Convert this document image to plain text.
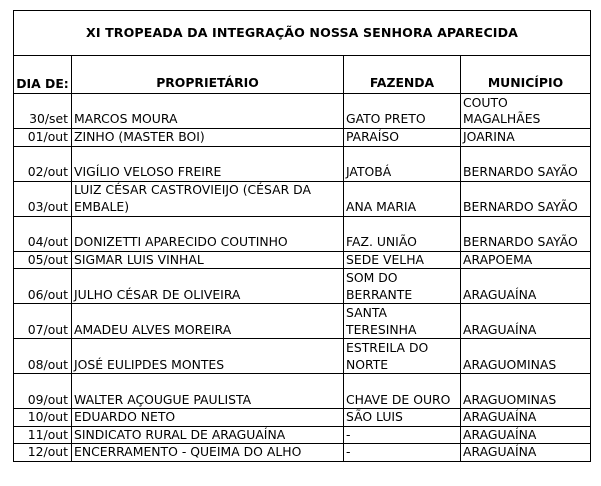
XI TROPEADA DA INTEGRAÇÃO NOSSA SENHORA APARECIDA			
DIA DE:	PROPRIETÁRIO	FAZENDA	MUNICÍPIO
30/set	MARCOS MOURA	GATO PRETO	COUTO MAGALHÃES
01/out	ZINHO (MASTER BOI)	PARAÍSO	JOARINA
02/out	VIGÍLIO VELOSO FREIRE	JATOBÁ	BERNARDO SAYÃO
03/out	LUIZ CÉSAR CASTROVIEIJO (CÉSAR DA EMBALE)	ANA MARIA	BERNARDO SAYÃO
04/out	DONIZETTI APARECIDO COUTINHO	FAZ. UNIÃO	BERNARDO SAYÃO
05/out	SIGMAR LUIS VINHAL	SEDE VELHA	ARAPOEMA
06/out	JULHO CÉSAR DE OLIVEIRA	SOM DO BERRANTE	ARAGUAÍNA
07/out	AMADEU ALVES MOREIRA	SANTA TERESINHA	ARAGUAÍNA
08/out	JOSÉ EULIPDES MONTES	ESTREILA DO NORTE	ARAGUOMINAS
09/out	WALTER AÇOUGUE PAULISTA	CHAVE DE OURO	ARAGUOMINAS
10/out	EDUARDO NETO	SÃO LUIS	ARAGUAÍNA
11/out	SINDICATO RURAL DE ARAGUAÍNA	-	ARAGUAÍNA
12/out	ENCERRAMENTO - QUEIMA DO ALHO	-	ARAGUAÍNA
